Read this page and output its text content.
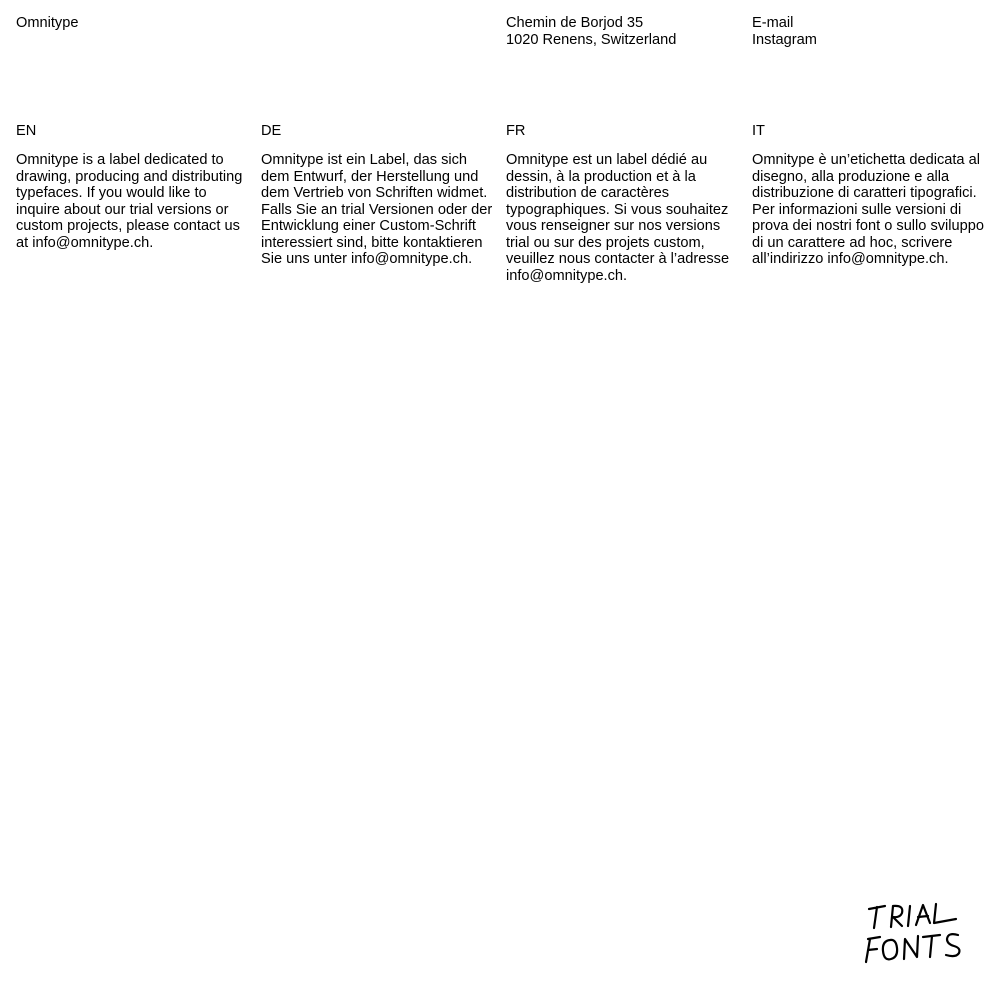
Omnitype	Chemin de Borjod 35
1020 Renens, Switzerland
E-mail
Instagram
EN
Omnitype is a label dedicated to drawing, producing and distributing typefaces. If you would like to inquire about our trial versions or custom projects, please contact us at info@omnitype.ch.
DE
Omnitype ist ein Label, das sich dem Entwurf, der Herstellung und dem Vertrieb von Schriften widmet. Falls Sie an trial Versionen oder der Entwicklung einer Custom-Schrift interessiert sind, bitte kontaktieren Sie uns unter info@omnitype.ch.
FR
Omnitype est un label dédié au dessin, à la production et à la distribution de caractères typographiques. Si vous souhaitez vous renseigner sur nos versions trial ou sur des projets custom, veuillez nous contacter à l’adresse info@omnitype.ch.
IT
Omnitype è un’etichetta dedicata al disegno, alla produzione e alla distribuzione di caratteri tipografici. Per informazioni sulle versioni di prova dei nostri font o sullo sviluppo di un carattere ad hoc, scrivere all’indirizzo info@omnitype.ch.
